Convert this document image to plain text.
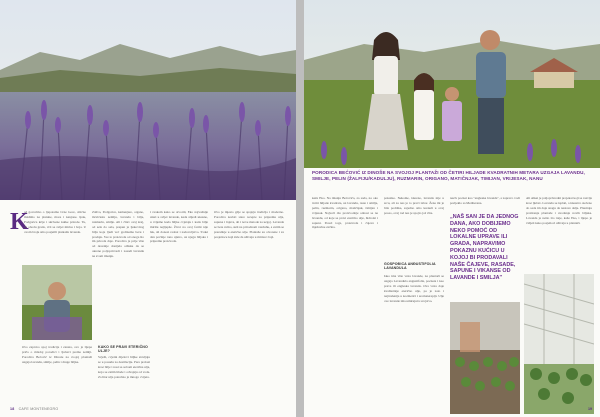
K

ad govorimo o ljepotama Crne Gore, obično mislimo na planine, more i kanjone. Ipak, Podgorica krije i skrivene kutke prirode. Tu, na obodu grada, vrti se svijet mirisa i boja. U ovom broju smo posjetili plantažu lavande.

Zaliva, Podgorice, kamenjare, organo, mrvičastu zemlju, lavanda i bilje, ruzmarin, smilje. Ali i čitav ovaj kraj, od sela do sela, prepun je ljekovitog bilja koje ljudi već godinama beru i prodaju. Sve to proizvode od onoga što im priroda daje. Porodica je prije više od decenije donijela odluku da se okrene poljoprivredi i zasadi lavandu na svom imanju.

i svakom kako se otvoriti, Eko najvažnije ulazi u svijet lavande, kada slijedi ukusno, u vrijeme kada biljke cvjetaju i kada bilje mirišu najljepše. Život na ovoj farmi nije lak, ali donosi radost i zadovoljstvo. Svaki dan počinje rano ujutro, uz njegu biljaka i pripremu proizvoda.

Ovo je mjesto gdje se spajaju tradicija i moderno. Porodica koristi stare recepte za pripremu ulja, sapuna i čajeva, ali i nove metode za uzgoj. Lavanda se bere ručno, suši na prirodnom vazduhu, a zatim se prerađuje u eterično ulje. Plantaže su otvorene i za posjetioce koji žele da uživaju u mirisu i boji.

Ovo zapravo spoj tradicije i zanata, ovo je lijepa priča o mladoj porodici i ljubavi prema zemlji. Porodica Bećović iz Dinoše na svojoj plantaži uzgaja lavandu, smilje, pelin i druge biljke.

KAKO SE PRAVI ETERIČNO ULJE?

Svježi, cvjetni dijelovi biljke stavljaju se u posudu za destilaciju. Para prolazi kroz bilje i nosi sa sobom eterična ulja, koja se zatim hlade i odvajaju od vode. Za litar ulja potrebno je mnogo cvijeta.

18 CAFE MONTENEGRO

PORODICA BEĆOVIĆ IZ DINOŠE NA SVOJOJ PLANTAŽI OD ČETIRI HILJADE KVADRATNIH METARA UZGAJA LAVANDU, SMILJE, PELIN (ŽALFIJU/KADULJU), RUZMARIN, ORIGANO, MATIČNJAK, TIMIJAN, VRIJESAK, NANU

kaže Eko. Na imanju Bećovića, za sada, na oko četiri hiljade kvadrata, uz lavandu, raste i smilje, pelin, ruzmarin, origano, matičnjak, timijan i vrijesak. Najveći dio proizvodnje odnosi se na lavandu, od koje se pravi eterično ulje, hidrolat i sapuni. Pored toga, proizvode i čajeve i mješavine začina.

pokušao. Nekome, iskreno, lavanda nije u srcu, ali za nas je to pravi izbor. Žena mi je bila podrška, zajedno smo krenuli u ovaj posao, ovaj rad nas je spojio još više.

GOSPOĐICA ANĐUSTIFOLIA LAVANDULA

Iako ima više vrsta lavande, na plantaži se uzgaja Lavandula angustifolia, poznata i kao prava ili engleska lavanda. Ova vrsta daje kvalitetnije eterično ulje, pa je zato i najtraženija u kozmetici i aromaterapiji. Ulje ove lavande ima umirujuća svojstva.

naziv poznat kao "engleska lavanda", a zapravo vodi porijeklo sa Mediterana.

„NAŠ SAN JE DA JEDNOG DANA, AKO DOBIJEMO NEKO POMOĆ OD LOKALNE UPRAVE ILI GRADA, NAPRAVIMO POKAZNU KUĆICU U KOJOJ BI PRODAVALI NAŠE ČAJEVE, RASADE, SAPUNE I VIKANSE OD LAVANDE I SMILJA"

Ali Alkei je poljoprivredni projekat koji se razvija kroz ljubav. Lavanda se isplati, a iskustvo stečeno do sada im daje snagu da nastave dalje. Planiraju proširenje plantaže i uvođenje novih biljaka. Lavanda je nešto što traje, kaže Eko, i lijepo je vidjeti kako posjetioci uživaju u plantaži.

19
